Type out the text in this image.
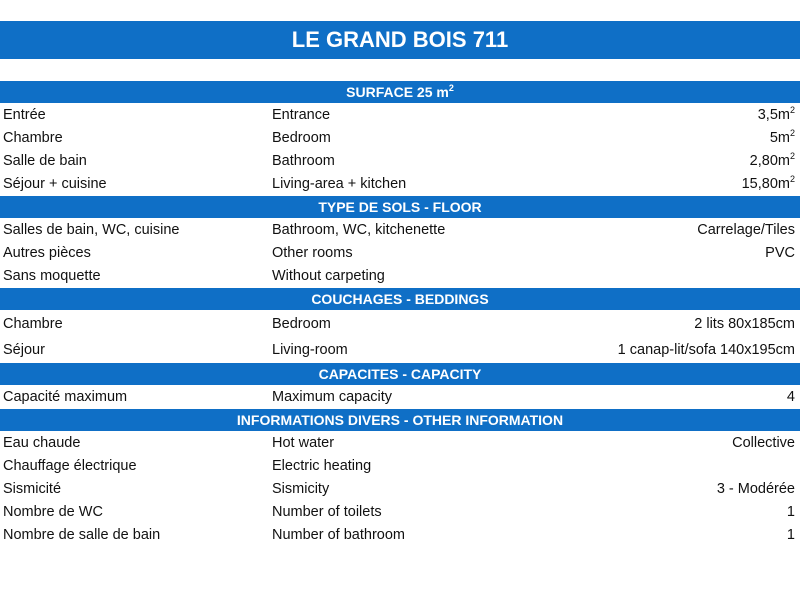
LE GRAND BOIS 711
SURFACE 25 $m^2$
Entrée	Entrance	$3,5m^2$
Chambre	Bedroom	$5m^2$
Salle de bain	Bathroom	$2,80m^2$
Séjour + cuisine	Living-area + kitchen	$15,80m^2$
TYPE DE SOLS - FLOOR
Salles de bain, WC, cuisine	Bathroom, WC, kitchenette	Carrelage/Tiles
Autres pièces	Other rooms	PVC
Sans moquette	Without carpeting
COUCHAGES - BEDDINGS
Chambre	Bedroom	2 lits 80x185cm
Séjour	Living-room	1 canap-lit/sofa 140x195cm
CAPACITES - CAPACITY
Capacité maximum	Maximum capacity	4
INFORMATIONS DIVERS - OTHER INFORMATION
Eau chaude	Hot water	Collective
Chauffage électrique	Electric heating
Sismicité	Sismicity	3 - Modérée
Nombre de WC	Number of toilets	1
Nombre de salle de bain	Number of bathroom	1
